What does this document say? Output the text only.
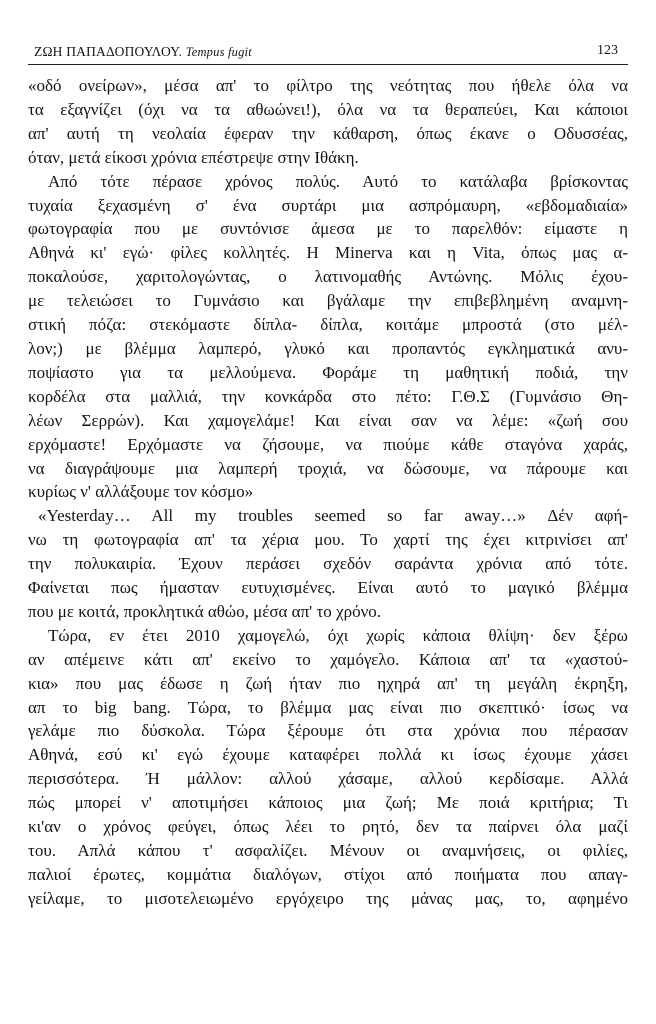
ΖΩΗ ΠΑΠΑΔΟΠΟΥΛΟΥ. Tempus fugit	123
«οδό ονείρων», μέσα απ' το φίλτρο της νεότητας που ήθελε όλα να
τα εξαγνίζει (όχι να τα αθωώνει!), όλα να τα θεραπεύει, Και κάποιοι
απ' αυτή τη νεολαία έφεραν την κάθαρση, όπως έκανε ο Οδυσσέας,
όταν, μετά είκοσι χρόνια επέστρεψε στην Ιθάκη.
Από τότε πέρασε χρόνος πολύς. Αυτό το κατάλαβα βρίσκοντας
τυχαία ξεχασμένη σ' ένα συρτάρι μια ασπρόμαυρη, «εβδομαδιαία»
φωτογραφία που με συντόνισε άμεσα με το παρελθόν: είμαστε η
Αθηνά κι' εγώ· φίλες κολλητές. Η Minerva και η Vita, όπως μας α-
ποκαλούσε, χαριτολογώντας, ο λατινομαθής Αντώνης. Μόλις έχου-
με τελειώσει το Γυμνάσιο και βγάλαμε την επιβεβλημένη αναμνη-
στική πόζα: στεκόμαστε δίπλα- δίπλα, κοιτάμε μπροστά (στο μέλ-
λον;) με βλέμμα λαμπερό, γλυκό και προπαντός εγκληματικά ανυ-
ποψίαστο για τα μελλούμενα. Φοράμε τη μαθητική ποδιά, την
κορδέλα στα μαλλιά, την κονκάρδα στο πέτο: Γ.Θ.Σ (Γυμνάσιο Θη-
λέων Σερρών). Και χαμογελάμε! Και είναι σαν να λέμε: «ζωή σου
ερχόμαστε! Ερχόμαστε να ζήσουμε, να πιούμε κάθε σταγόνα χαράς,
να διαγράψουμε μια λαμπερή τροχιά, να δώσουμε, να πάρουμε και
κυρίως ν' αλλάξουμε τον κόσμο»
«Yesterday… All my troubles seemed so far away…» Δέν αφή-
νω τη φωτογραφία απ' τα χέρια μου. Το χαρτί της έχει κιτρινίσει απ'
την πολυκαιρία. Έχουν περάσει σχεδόν σαράντα χρόνια από τότε.
Φαίνεται πως ήμασταν ευτυχισμένες. Είναι αυτό το μαγικό βλέμμα
που με κοιτά, προκλητικά αθώο, μέσα απ' το χρόνο.
Τώρα, εν έτει 2010 χαμογελώ, όχι χωρίς κάποια θλίψη· δεν ξέρω
αν απέμεινε κάτι απ' εκείνο το χαμόγελο. Κάποια απ' τα «χαστού-
κια» που μας έδωσε η ζωή ήταν πιο ηχηρά απ' τη μεγάλη έκρηξη,
απ το big bang. Τώρα, το βλέμμα μας είναι πιο σκεπτικό· ίσως να
γελάμε πιο δύσκολα. Τώρα ξέρουμε ότι στα χρόνια που πέρασαν
Αθηνά, εσύ κι' εγώ έχουμε καταφέρει πολλά κι ίσως έχουμε χάσει
περισσότερα. Ή μάλλον: αλλού χάσαμε, αλλού κερδίσαμε. Αλλά
πώς μπορεί ν' αποτιμήσει κάποιος μια ζωή; Με ποιά κριτήρια; Τι
κι'αν ο χρόνος φεύγει, όπως λέει το ρητό, δεν τα παίρνει όλα μαζί
του. Απλά κάπου τ' ασφαλίζει. Μένουν οι αναμνήσεις, οι φιλίες,
παλιοί έρωτες, κομμάτια διαλόγων, στίχοι από ποιήματα που απαγ-
γείλαμε, το μισοτελειωμένο εργόχειρο της μάνας μας, το, αφημένο
